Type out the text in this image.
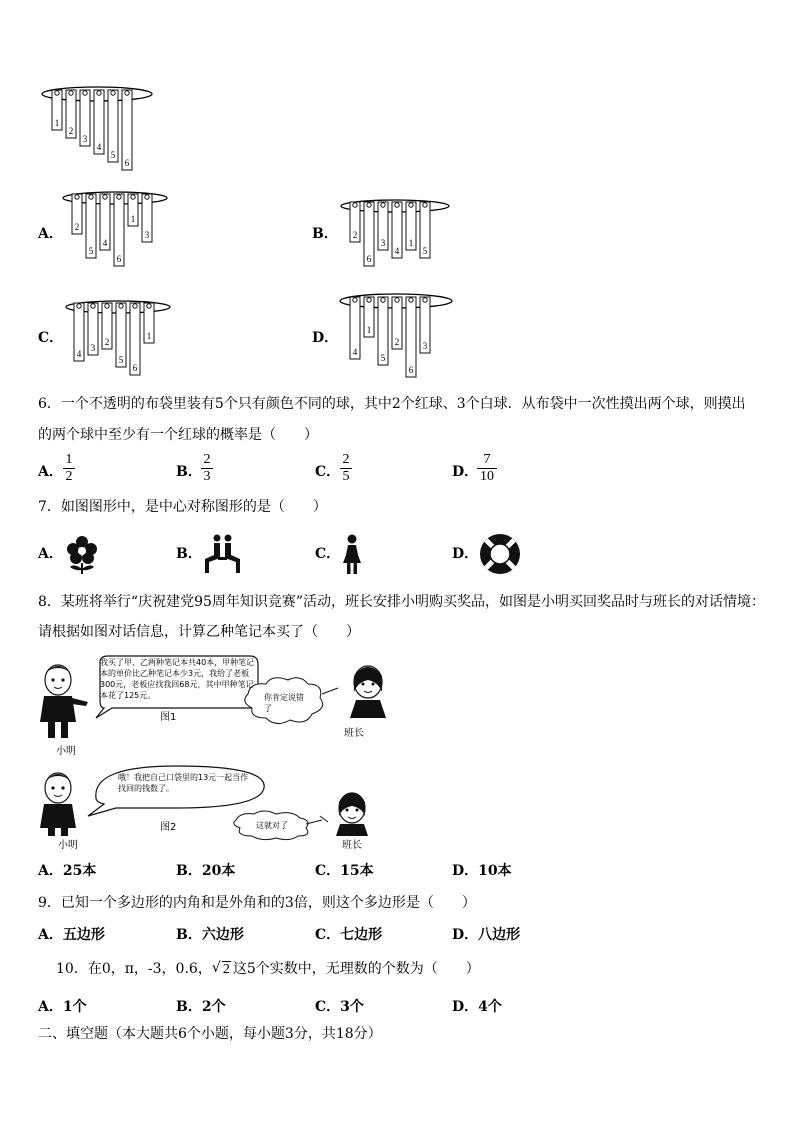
1
2
3
4
5
6
A． 2
5
4
6
1
3	B． 2
6
3
4
1
5
C．
4
3
2
5
6
1	D．
4
1
5
2
6
3
6．一个不透明的布袋里装有5个只有颜色不同的球，其中2个红球、3个白球．从布袋中一次性摸出两个球，则摸出
的两个球中至少有一个红球的概率是（　　）
A．
1
2	B．
2
3	C．
2
5	D．
7
10
7．如图图形中，是中心对称图形的是（　　）
A．	B．	C．	D．
8．某班将举行“庆祝建党95周年知识竞赛”活动，班长安排小明购买奖品，如图是小明买回奖品时与班长的对话情境：
请根据如图对话信息，计算乙种笔记本买了（　　）
我买了甲、乙两种笔记本共40本，甲种笔记本的单价比乙种笔记本少3元，我给了老板300元，老板应找我回68元，其中甲种笔记本花了125元。	你肯定说错了
图1
小明
班长
哦！我把自己口袋里的13元一起当作找回的钱数了。
这就对了
图2
小明	班长
A．25本	B．20本	C．15本	D．10本
9．已知一个多边形的内角和是外角和的3倍，则这个多边形是（　　）
A．五边形	B．六边形	C．七边形	D．八边形
10．在0，π，-3，0.6， √ 2 这5个实数中，无理数的个数为（　　）
A．1个	B．2个	C．3个	D．4个
二、填空题（本大题共6个小题，每小题3分，共18分）
